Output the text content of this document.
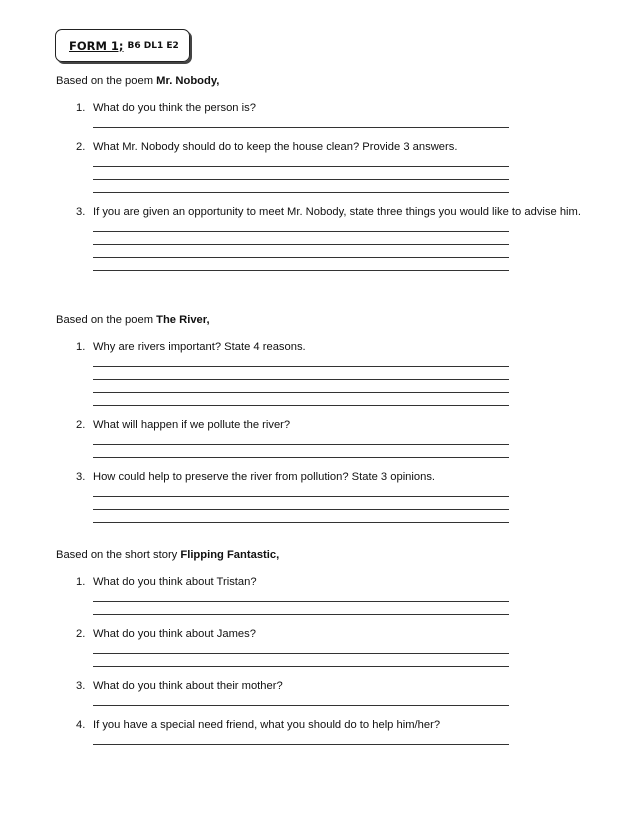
FORM 1; B6 DL1 E2
Based on the poem Mr. Nobody,
1. What do you think the person is?
2. What Mr. Nobody should do to keep the house clean? Provide 3 answers.
3. If you are given an opportunity to meet Mr. Nobody, state three things you would like to advise him.
Based on the poem The River,
1. Why are rivers important? State 4 reasons.
2. What will happen if we pollute the river?
3. How could help to preserve the river from pollution? State 3 opinions.
Based on the short story Flipping Fantastic,
1. What do you think about Tristan?
2. What do you think about James?
3. What do you think about their mother?
4. If you have a special need friend, what you should do to help him/her?
